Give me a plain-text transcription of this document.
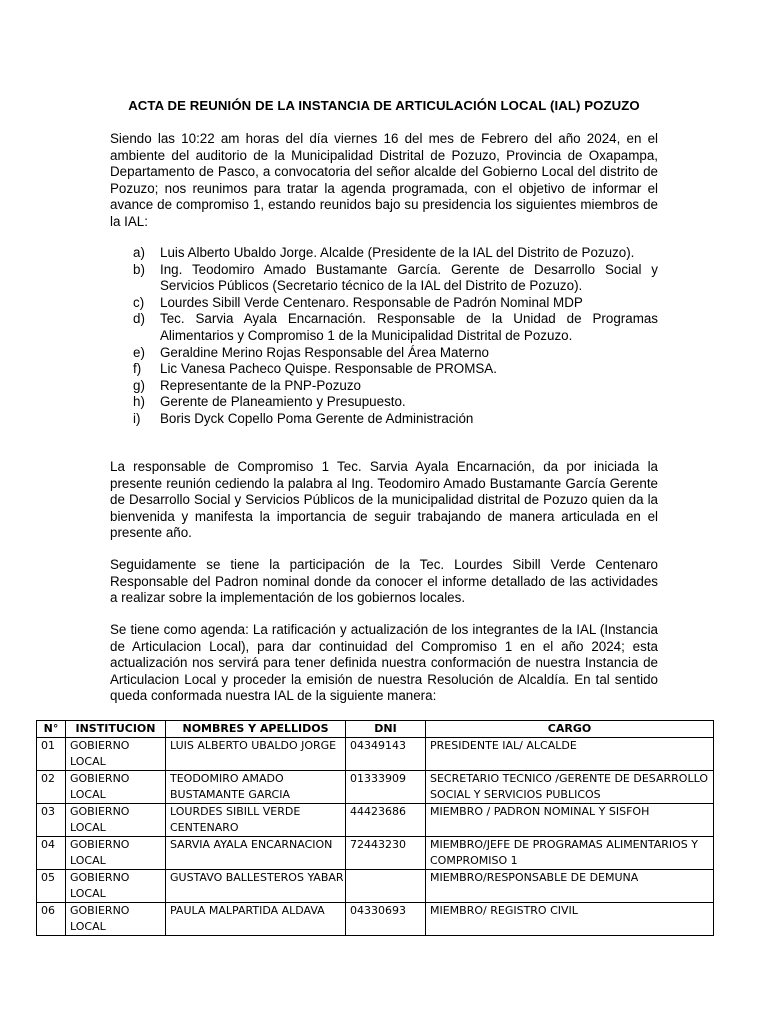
ACTA DE REUNIÓN DE LA INSTANCIA DE ARTICULACIÓN LOCAL (IAL) POZUZO
Siendo las 10:22 am horas del día viernes 16 del mes de Febrero del año 2024, en el ambiente del auditorio de la Municipalidad Distrital de Pozuzo, Provincia de Oxapampa, Departamento de Pasco, a convocatoria del señor alcalde del Gobierno Local del distrito de Pozuzo; nos reunimos para tratar la agenda programada, con el objetivo de informar el avance de compromiso 1, estando reunidos bajo su presidencia los siguientes miembros de la IAL:
a)	Luis Alberto Ubaldo Jorge. Alcalde (Presidente de la IAL del Distrito de Pozuzo).
b)	Ing. Teodomiro Amado Bustamante García. Gerente de Desarrollo Social y Servicios Públicos (Secretario técnico de la IAL del Distrito de Pozuzo).
c)	Lourdes Sibill Verde Centenaro. Responsable de Padrón Nominal MDP
d)	Tec. Sarvia Ayala Encarnación. Responsable de la Unidad de Programas Alimentarios y Compromiso 1 de la Municipalidad Distrital de Pozuzo.
e)	Geraldine Merino Rojas Responsable del Área Materno
f)	Lic Vanesa Pacheco Quispe. Responsable de PROMSA.
g)	Representante de la PNP-Pozuzo
h)	Gerente de Planeamiento y Presupuesto.
i)	Boris Dyck Copello Poma Gerente de Administración
La responsable de Compromiso 1 Tec. Sarvia Ayala Encarnación, da por iniciada la presente reunión cediendo la palabra al Ing. Teodomiro Amado Bustamante García Gerente de Desarrollo Social y Servicios Públicos de la municipalidad distrital de Pozuzo quien da la bienvenida y manifesta la importancia de seguir trabajando de manera articulada en el presente año.
Seguidamente se tiene la participación de la Tec. Lourdes Sibill Verde Centenaro Responsable del Padron nominal donde da conocer el informe detallado de las actividades a realizar sobre la implementación de los gobiernos locales.
Se tiene como agenda: La ratificación y actualización de los integrantes de la IAL (Instancia de Articulacion Local), para dar continuidad del Compromiso 1 en el año 2024; esta actualización nos servirá para tener definida nuestra conformación de nuestra Instancia de Articulacion Local y proceder la emisión de nuestra Resolución de Alcaldía. En tal sentido queda conformada nuestra IAL de la siguiente manera:
N°	INSTITUCION	NOMBRES Y APELLIDOS	DNI	CARGO
01	GOBIERNO LOCAL	LUIS ALBERTO UBALDO JORGE	04349143	PRESIDENTE IAL/ ALCALDE
02	GOBIERNO LOCAL	TEODOMIRO AMADO BUSTAMANTE GARCIA	01333909	SECRETARIO TECNICO /GERENTE DE DESARROLLO SOCIAL Y SERVICIOS PUBLICOS
03	GOBIERNO LOCAL	LOURDES SIBILL VERDE CENTENARO	44423686	MIEMBRO / PADRON NOMINAL Y SISFOH
04	GOBIERNO LOCAL	SARVIA AYALA ENCARNACION	72443230	MIEMBRO/JEFE DE PROGRAMAS ALIMENTARIOS Y COMPROMISO 1
05	GOBIERNO LOCAL	GUSTAVO BALLESTEROS YABAR		MIEMBRO/RESPONSABLE DE DEMUNA
06	GOBIERNO LOCAL	PAULA MALPARTIDA ALDAVA	04330693	MIEMBRO/ REGISTRO CIVIL
